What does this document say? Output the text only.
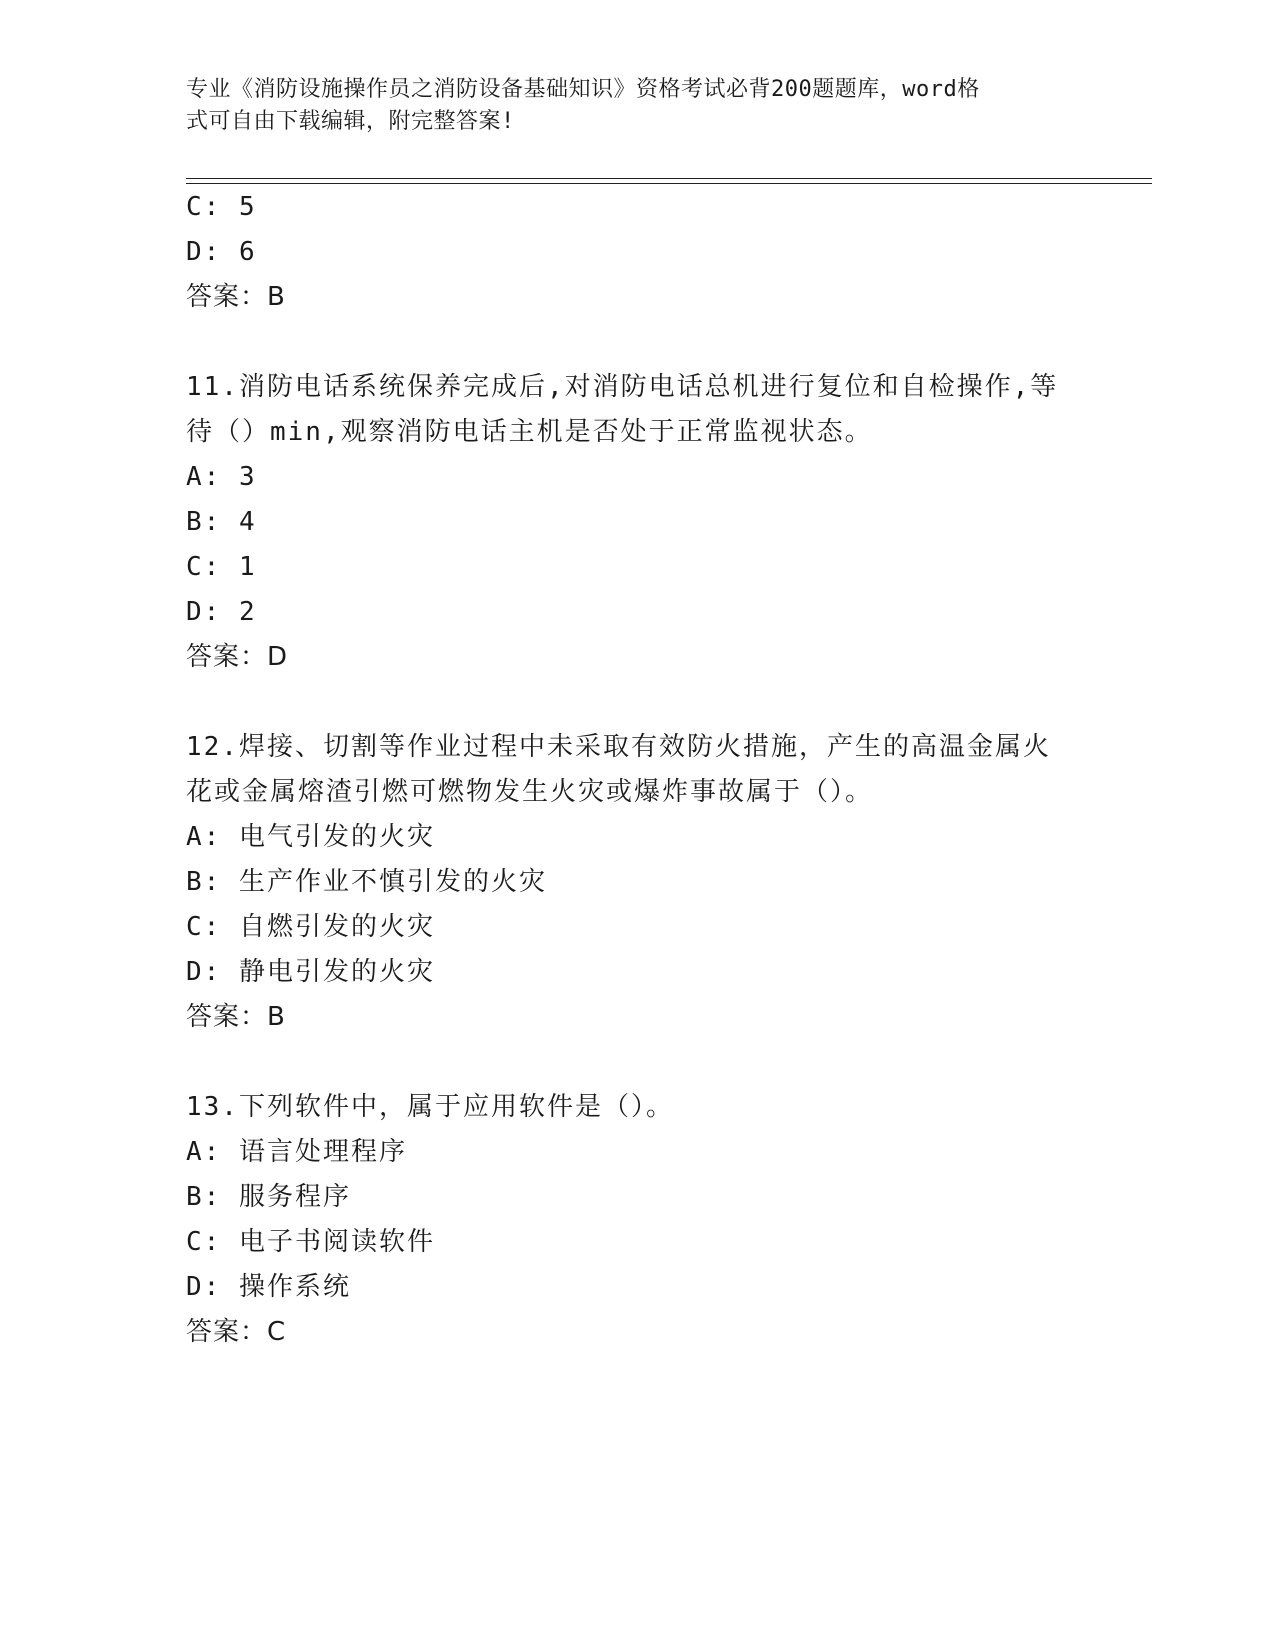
专业《消防设施操作员之消防设备基础知识》资格考试必背200题题库，word格
式可自由下载编辑，附完整答案!
C: 5
D: 6
答案：B
11.消防电话系统保养完成后,对消防电话总机进行复位和自检操作,等
待（）min,观察消防电话主机是否处于正常监视状态。
A: 3
B: 4
C: 1
D: 2
答案：D
12.焊接、切割等作业过程中未采取有效防火措施，产生的高温金属火
花或金属熔渣引燃可燃物发生火灾或爆炸事故属于（）。
A: 电气引发的火灾
B: 生产作业不慎引发的火灾
C: 自燃引发的火灾
D: 静电引发的火灾
答案：B
13.下列软件中，属于应用软件是（）。
A: 语言处理程序
B: 服务程序
C: 电子书阅读软件
D: 操作系统
答案：C
